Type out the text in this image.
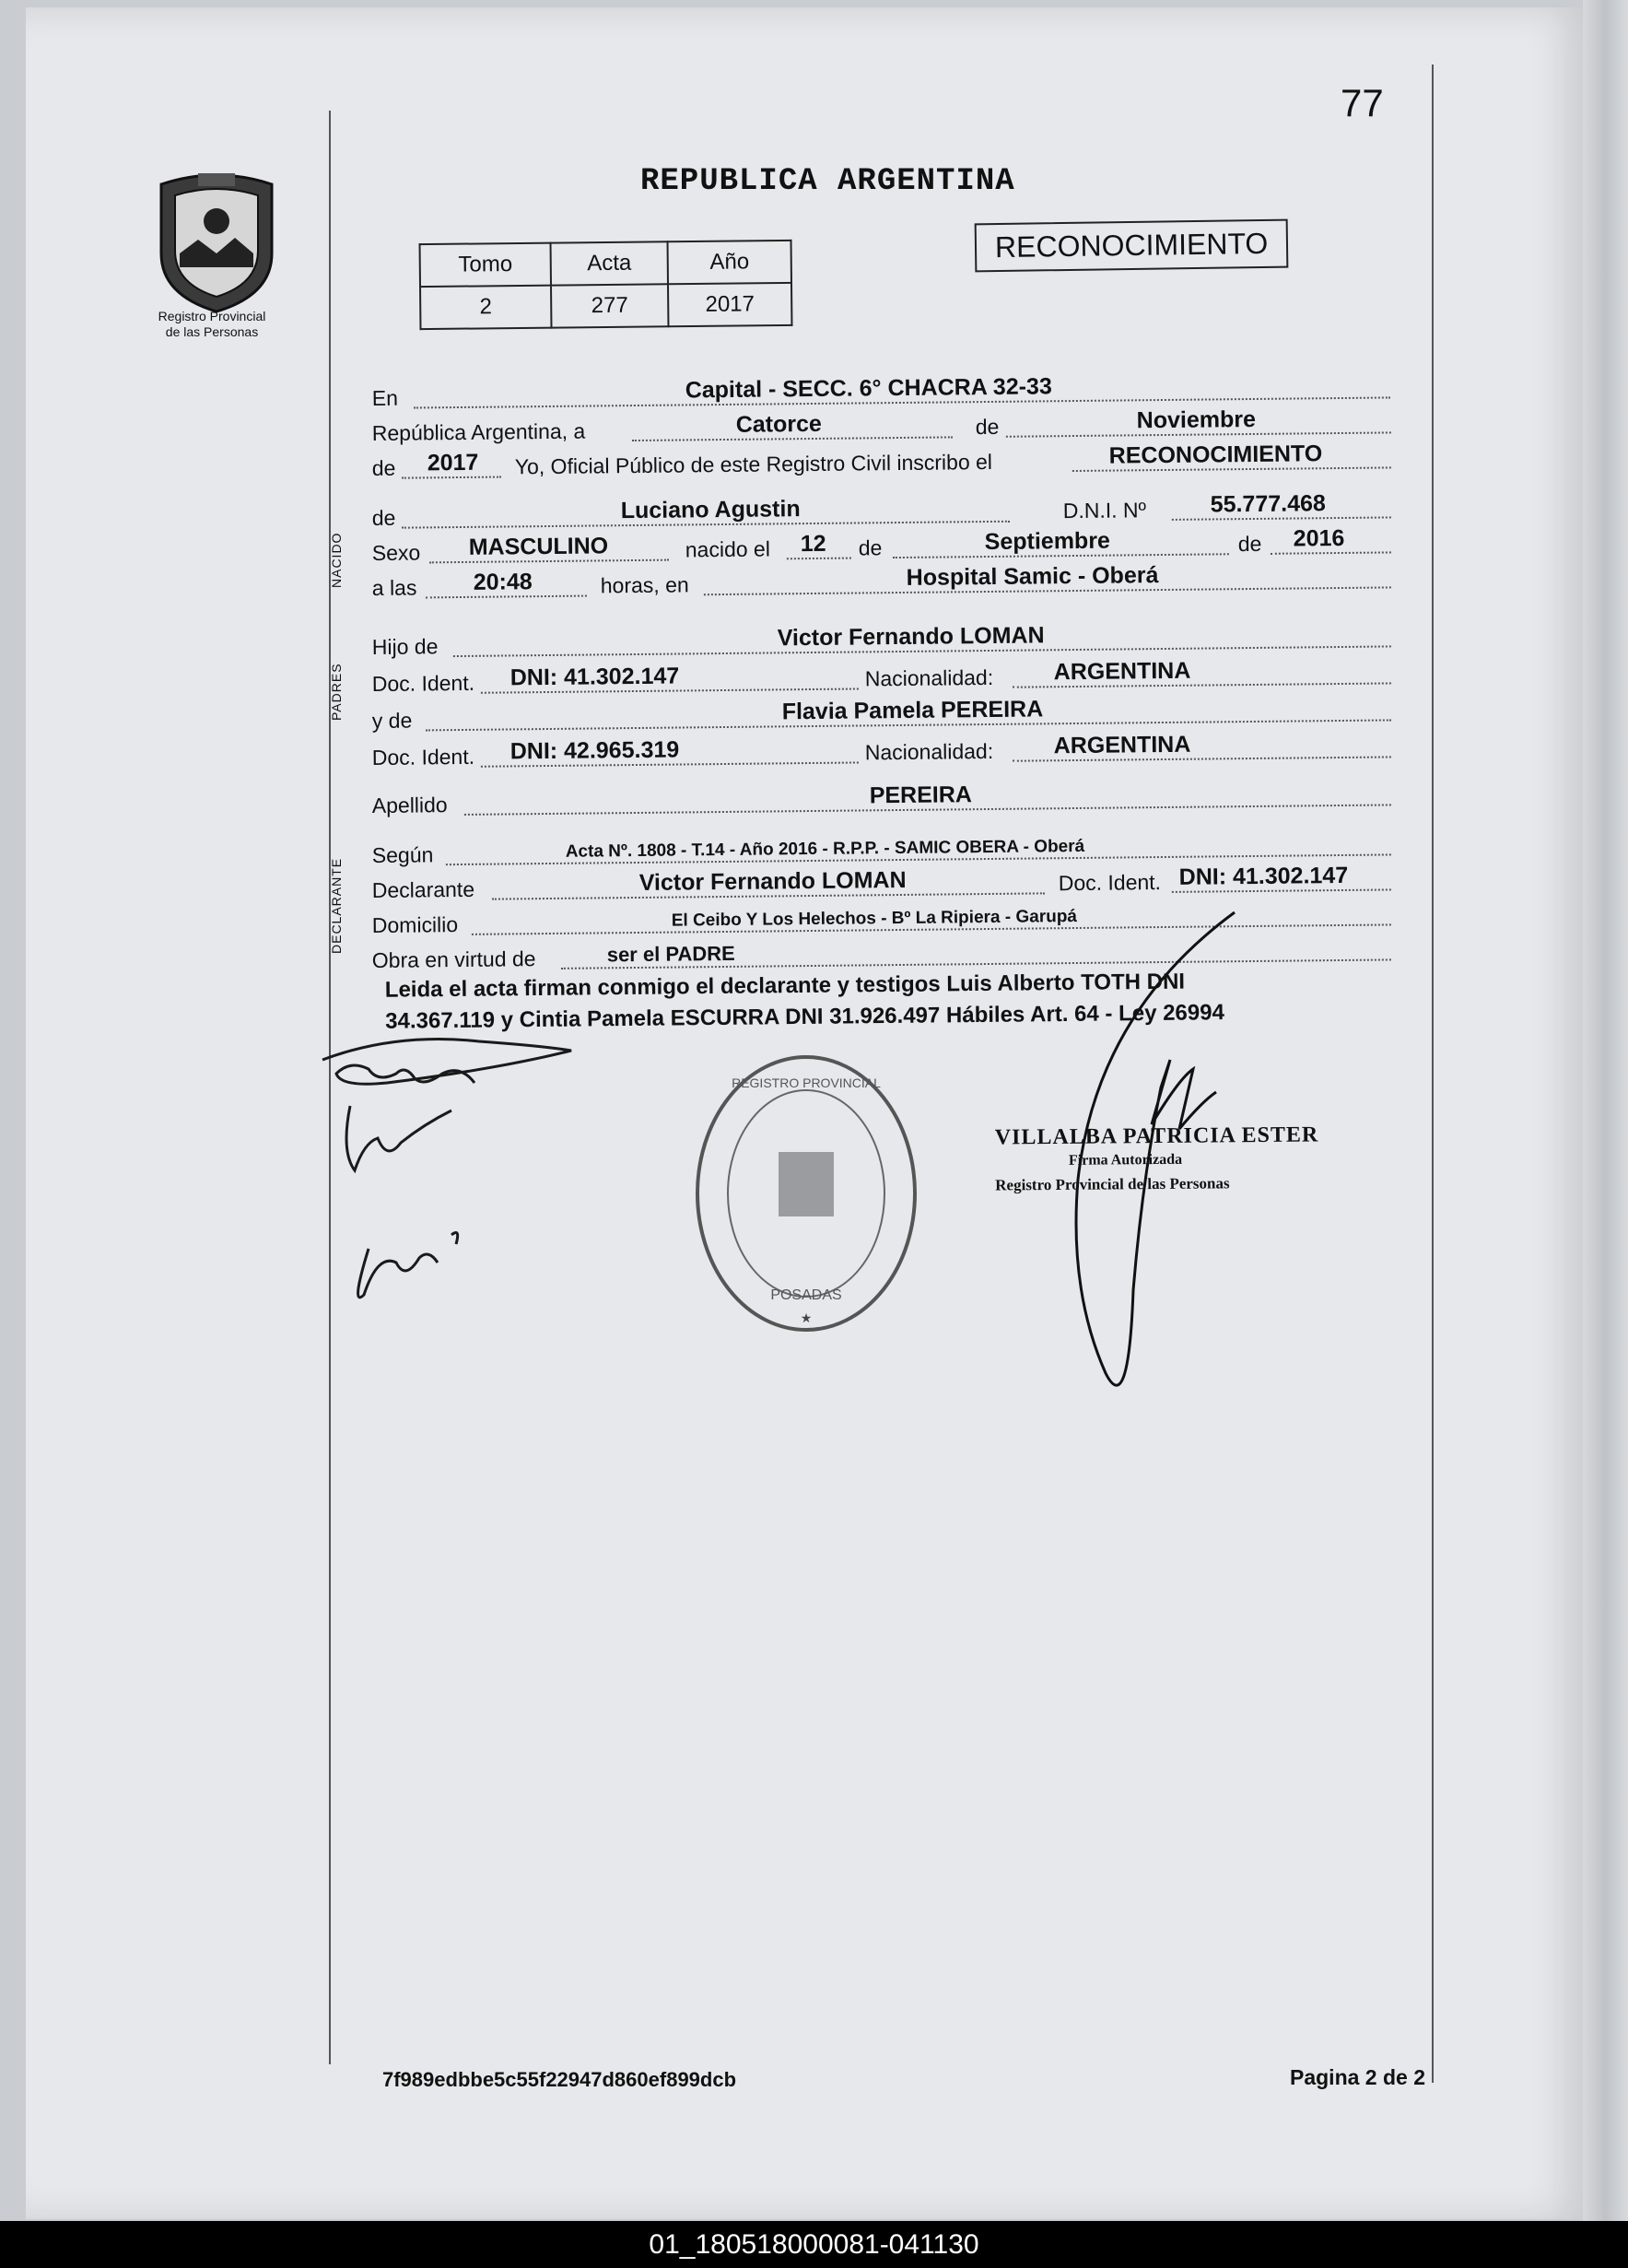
77
REPUBLICA ARGENTINA
Registro Provincial
de las Personas
Tomo	Acta	Año
2	277	2017
RECONOCIMIENTO
En	Capital - SECC. 6° CHACRA 32-33
República Argentina, a	Catorce	de	Noviembre
de 2017 Yo, Oficial Público de este Registro Civil inscribo el	RECONOCIMIENTO
de	Luciano Agustin	D.N.I. Nº	55.777.468
Sexo MASCULINO	nacido el 12 de	Septiembre	de 2016
a las 20:48	horas, en	Hospital Samic - Oberá
Hijo de	Victor Fernando LOMAN
Doc. Ident. DNI: 41.302.147	Nacionalidad:	ARGENTINA
y de	Flavia Pamela PEREIRA
Doc. Ident. DNI: 42.965.319	Nacionalidad:	ARGENTINA
Apellido	PEREIRA
Según	Acta Nº. 1808 - T.14 - Año 2016 - R.P.P. - SAMIC OBERA - Oberá
Declarante	Victor Fernando LOMAN	Doc. Ident. DNI: 41.302.147
Domicilio	El Ceibo Y Los Helechos - Bº La Ripiera - Garupá
Obra en virtud de	ser el PADRE
NACIDO
PADRES
DECLARANTE
Leida el acta firman conmigo el declarante y testigos Luis Alberto TOTH DNI
34.367.119 y Cintia Pamela ESCURRA DNI 31.926.497 Hábiles Art. 64 - Ley 26994
REGISTRO PROVINCIAL
POSADAS
★
VILLALBA PATRICIA ESTER
Firma Autorizada
Registro Provincial de las Personas
7f989edbbe5c55f22947d860ef899dcb	Pagina 2 de 2
01_180518000081-041130
